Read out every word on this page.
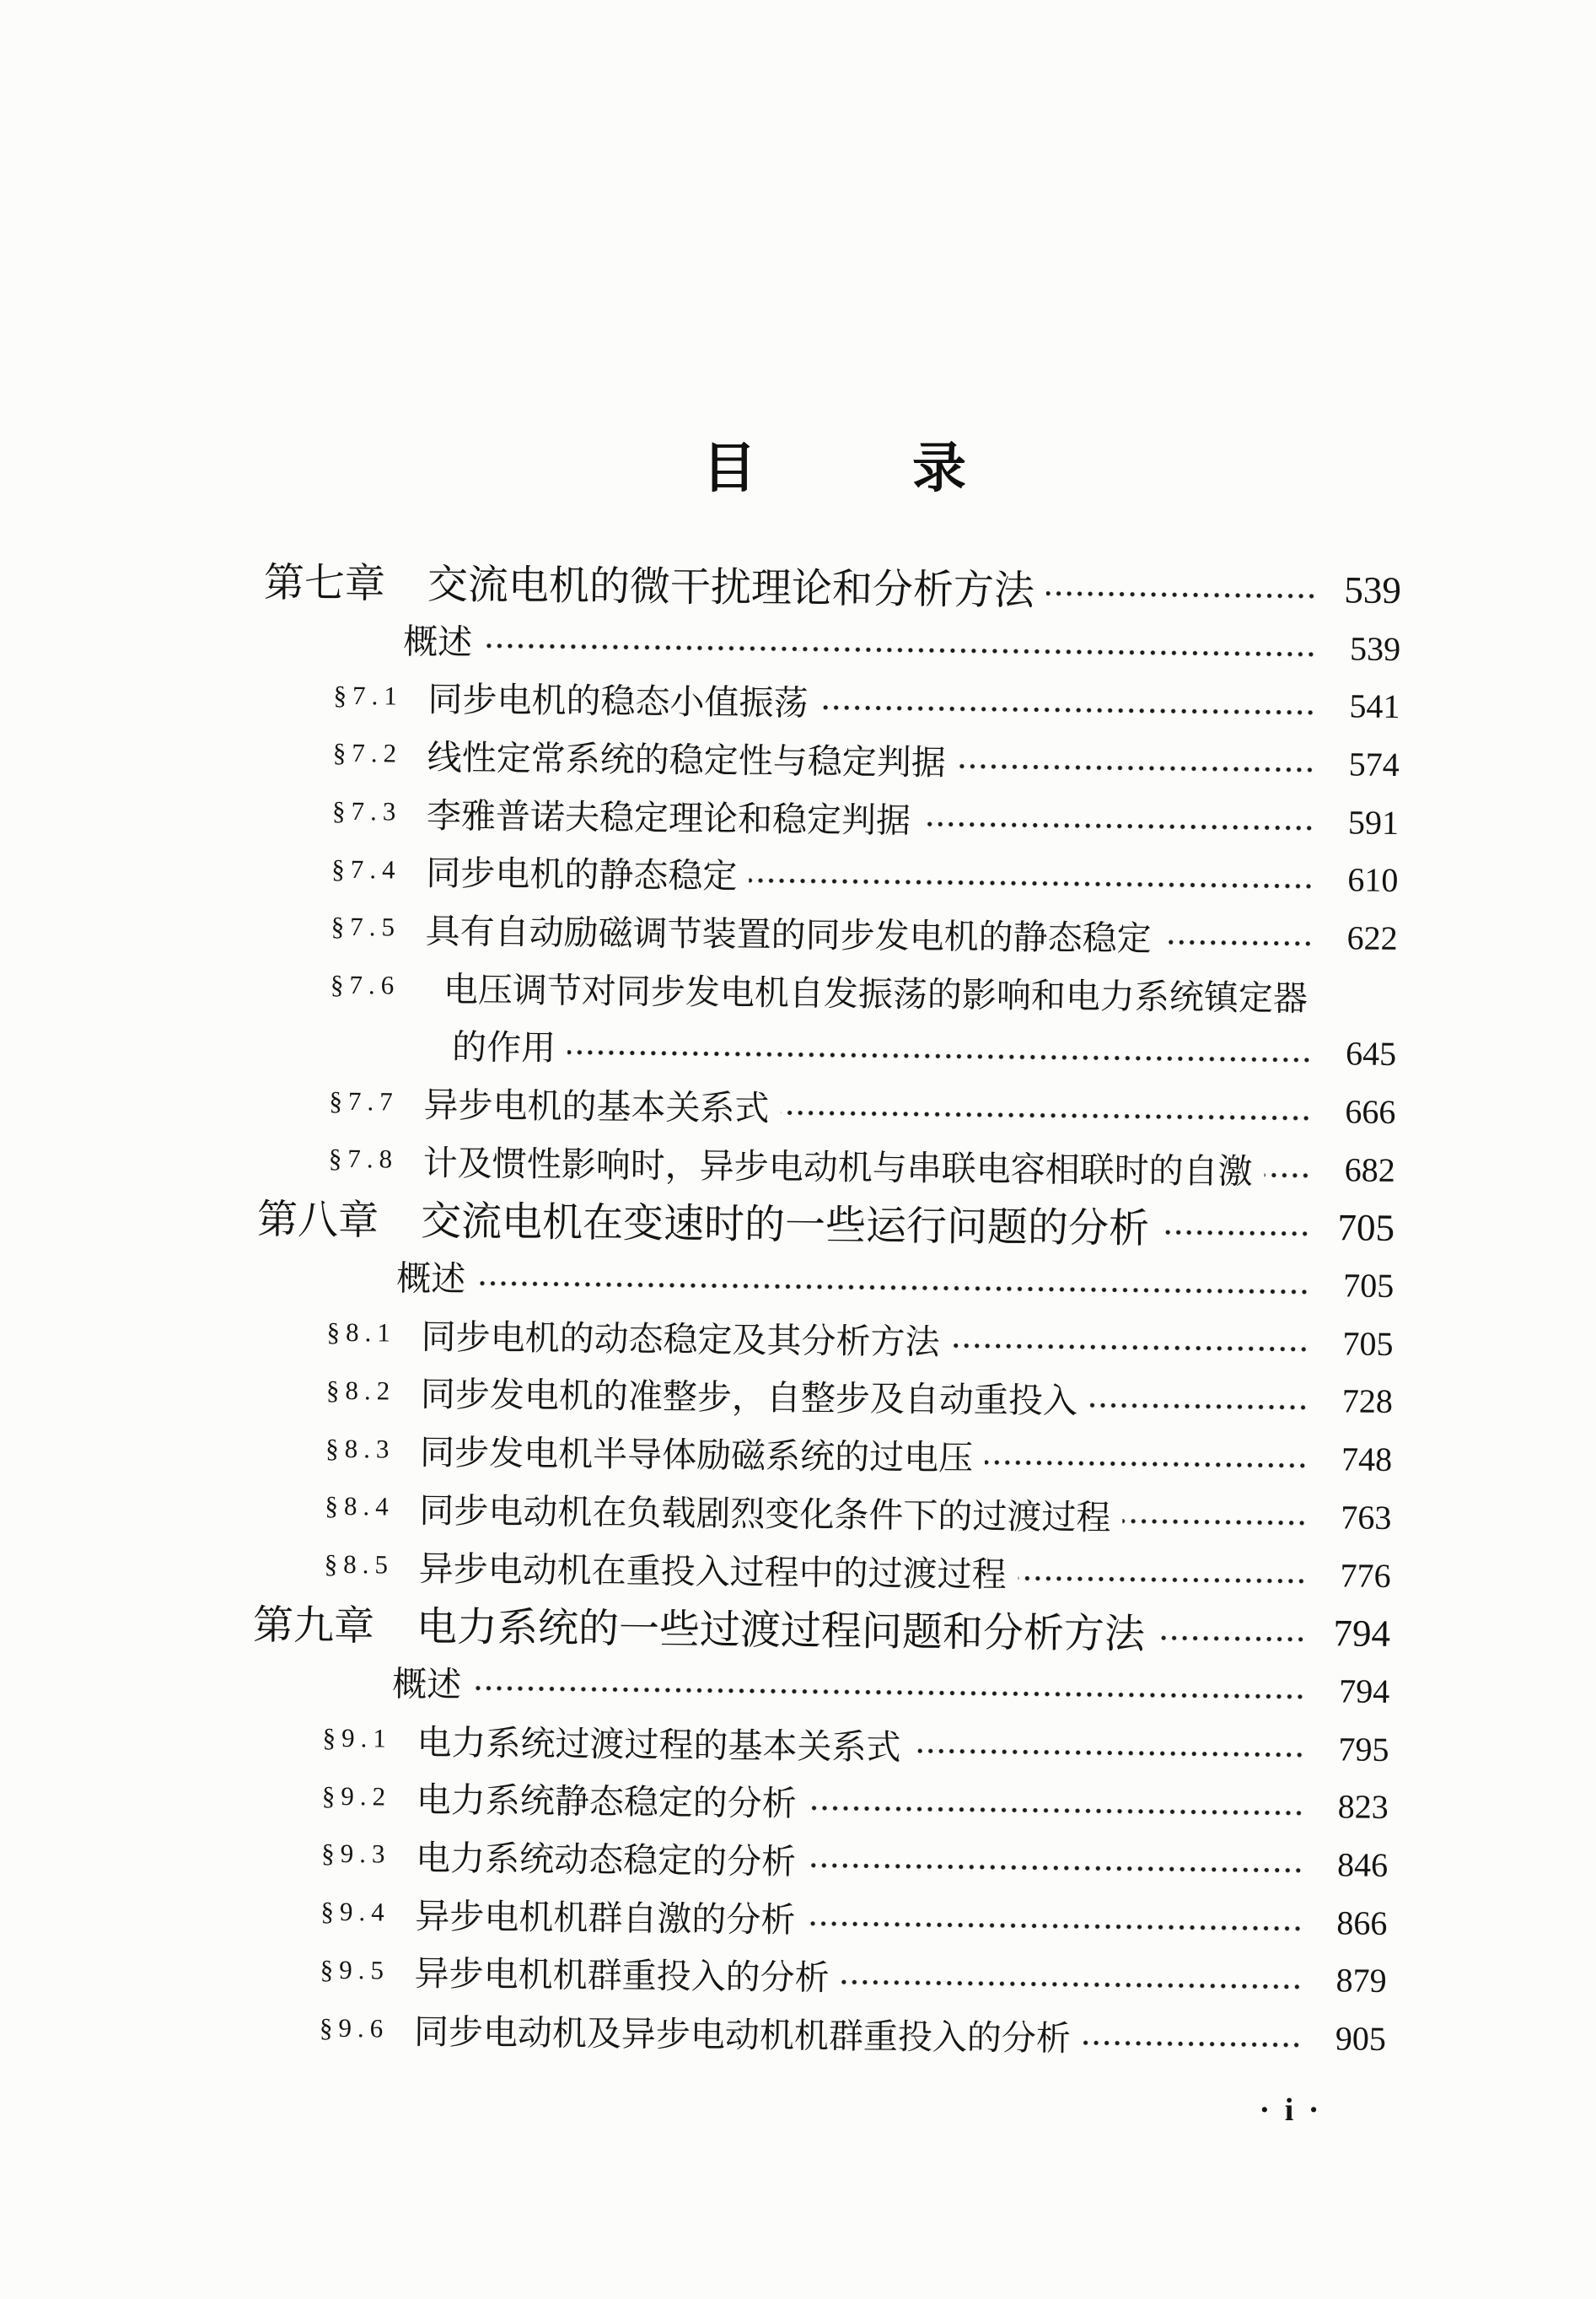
目	录
第七章	交流电机的微干扰理论和分析方法	539
概述	539
§7.1 同步电机的稳态小值振荡	541
§7.2 线性定常系统的稳定性与稳定判据	574
§7.3 李雅普诺夫稳定理论和稳定判据	591
§7.4 同步电机的静态稳定	610
§7.5 具有自动励磁调节装置的同步发电机的静态稳定	622
§7.6	电压调节对同步发电机自发振荡的影响和电力系统镇定器
的作用	645
§7.7 异步电机的基本关系式	666
§7.8 计及惯性影响时，异步电动机与串联电容相联时的自激	682
第八章	交流电机在变速时的一些运行问题的分析	705
概述	705
§8.1 同步电机的动态稳定及其分析方法	705
§8.2 同步发电机的准整步，自整步及自动重投入	728
§8.3 同步发电机半导体励磁系统的过电压	748
§8.4 同步电动机在负载剧烈变化条件下的过渡过程	763
§8.5 异步电动机在重投入过程中的过渡过程	776
第九章	电力系统的一些过渡过程问题和分析方法	794
概述	794
§9.1 电力系统过渡过程的基本关系式	795
§9.2 电力系统静态稳定的分析	823
§9.3 电力系统动态稳定的分析	846
§9.4 异步电机机群自激的分析	866
§9.5 异步电机机群重投入的分析	879
§9.6 同步电动机及异步电动机机群重投入的分析	905
· i ·
